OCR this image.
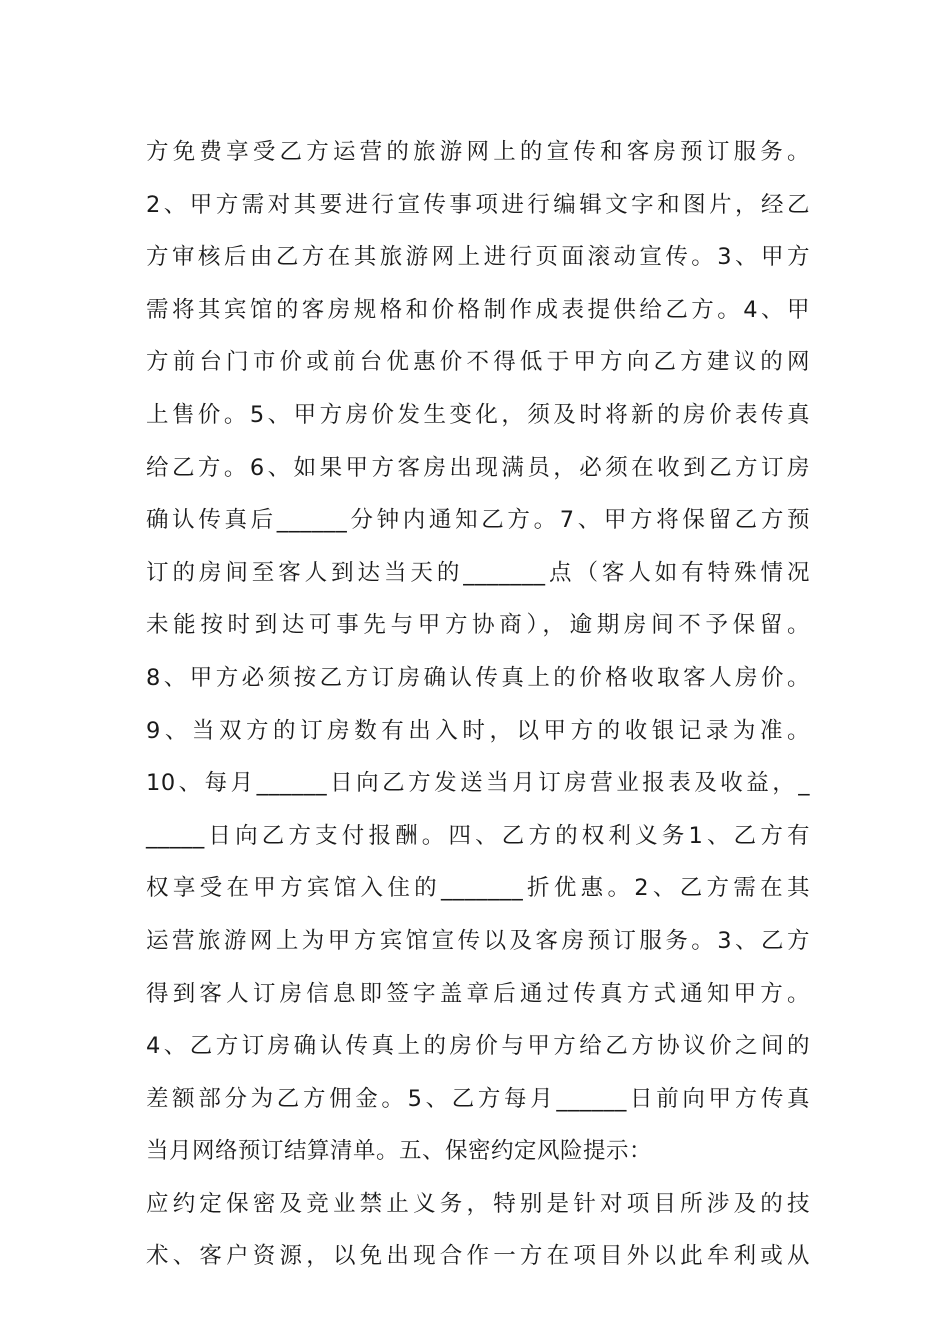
方免费享受乙方运营的旅游网上的宣传和客房预订服务。
2、甲方需对其要进行宣传事项进行编辑文字和图片，经乙
方审核后由乙方在其旅游网上进行页面滚动宣传。3、甲方
需将其宾馆的客房规格和价格制作成表提供给乙方。4、甲
方前台门市价或前台优惠价不得低于甲方向乙方建议的网
上售价。5、甲方房价发生变化，须及时将新的房价表传真
给乙方。6、如果甲方客房出现满员，必须在收到乙方订房
确认传真后______分钟内通知乙方。7、甲方将保留乙方预
订的房间至客人到达当天的_______点（客人如有特殊情况
未能按时到达可事先与甲方协商），逾期房间不予保留。
8、甲方必须按乙方订房确认传真上的价格收取客人房价。
9、当双方的订房数有出入时，以甲方的收银记录为准。
10、每月______日向乙方发送当月订房营业报表及收益，_
_____日向乙方支付报酬。四、乙方的权利义务1、乙方有
权享受在甲方宾馆入住的_______折优惠。2、乙方需在其
运营旅游网上为甲方宾馆宣传以及客房预订服务。3、乙方
得到客人订房信息即签字盖章后通过传真方式通知甲方。
4、乙方订房确认传真上的房价与甲方给乙方协议价之间的
差额部分为乙方佣金。5、乙方每月______日前向甲方传真
当月网络预订结算清单。五、保密约定风险提示：
应约定保密及竞业禁止义务，特别是针对项目所涉及的技
术、客户资源，以免出现合作一方在项目外以此牟利或从
